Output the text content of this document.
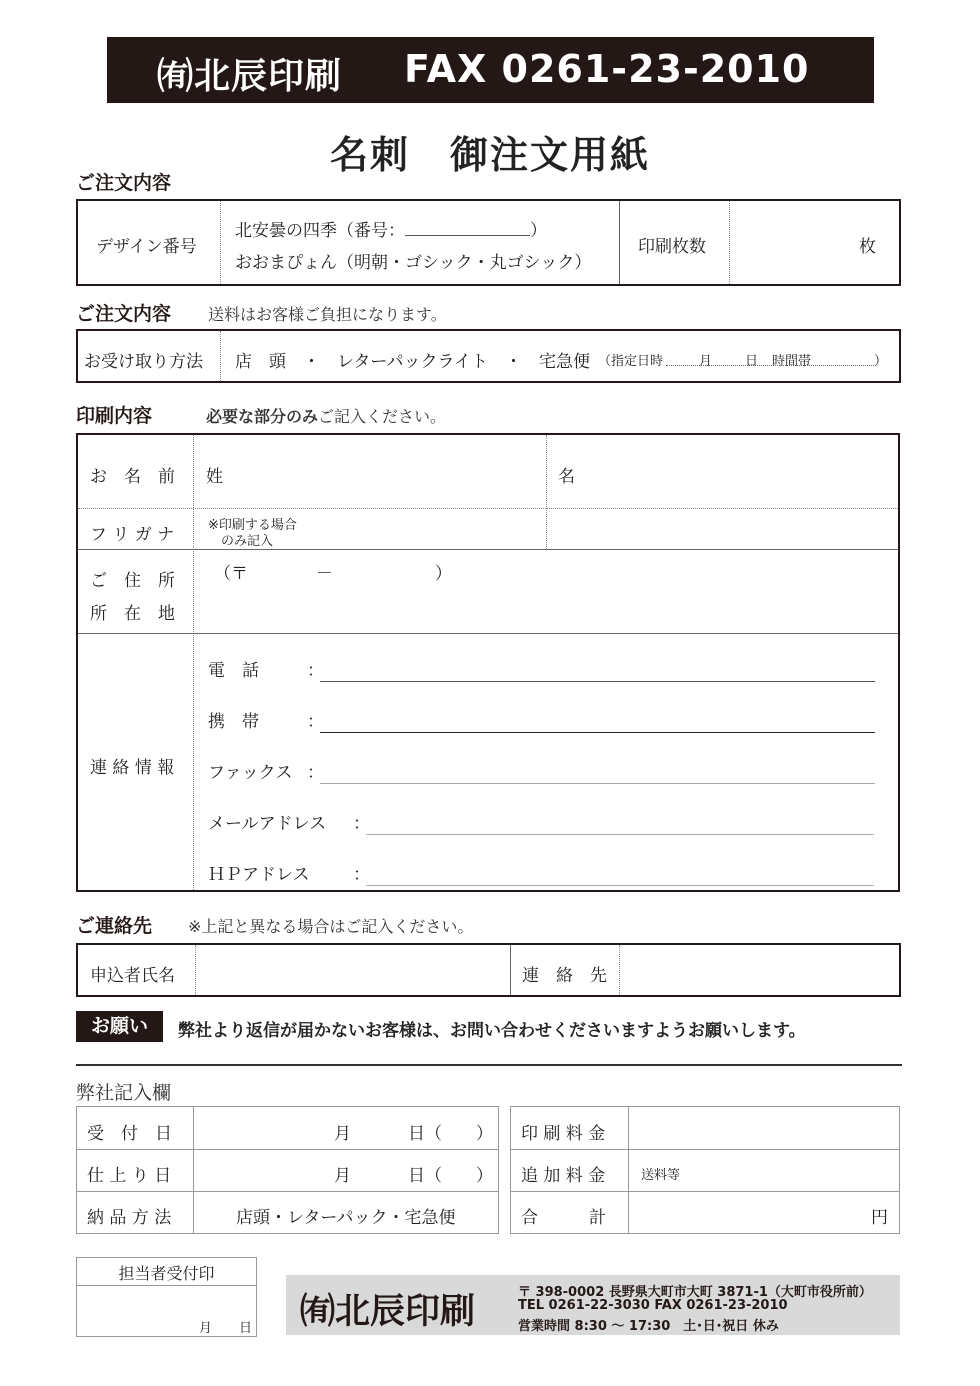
㈲北辰印刷 FAX 0261-23-2010
名刺　御注文用紙
ご注文内容
デザイン番号
北安曇の四季（番号：	）
おおまぴょん（明朝・ゴシック・丸ゴシック）
印刷枚数	枚
ご注文内容 送料はお客様ご負担になります。
お受け取り方法 店　頭　・　レターパックライト　・　宅急便 （指定日時	月	日 時間帯	）
印刷内容	必要な部分のみご記入ください。
お　名　前 姓	名
フ リ ガ ナ	※印刷する場合
のみ記入
ご　住　所
所　在　地
（〒　　　　－　　　　　　）
連 絡 情 報
電　話	：
携　帯	：
ファックス ：
メールアドレス ：
ＨＰアドレス	：
ご連絡先 ※上記と異なる場合はご記入ください。
申込者氏名	連　絡　先
お願い	弊社より返信が届かないお客様は、お問い合わせくださいますようお願いします。
弊社記入欄
受　付　日	月	日（　　）
仕 上 り 日	月	日（　　）
納 品 方 法	店頭・レターパック・宅急便
印 刷 料 金
追 加 料 金	送料等
合　　　計	円
担当者受付印
月 日 ㈲北辰印刷	〒 398-0002 長野県大町市大町 3871-1（大町市役所前）
TEL 0261-22-3030 FAX 0261-23-2010
営業時間 8:30 ～ 17:30　土･日･祝日 休み
